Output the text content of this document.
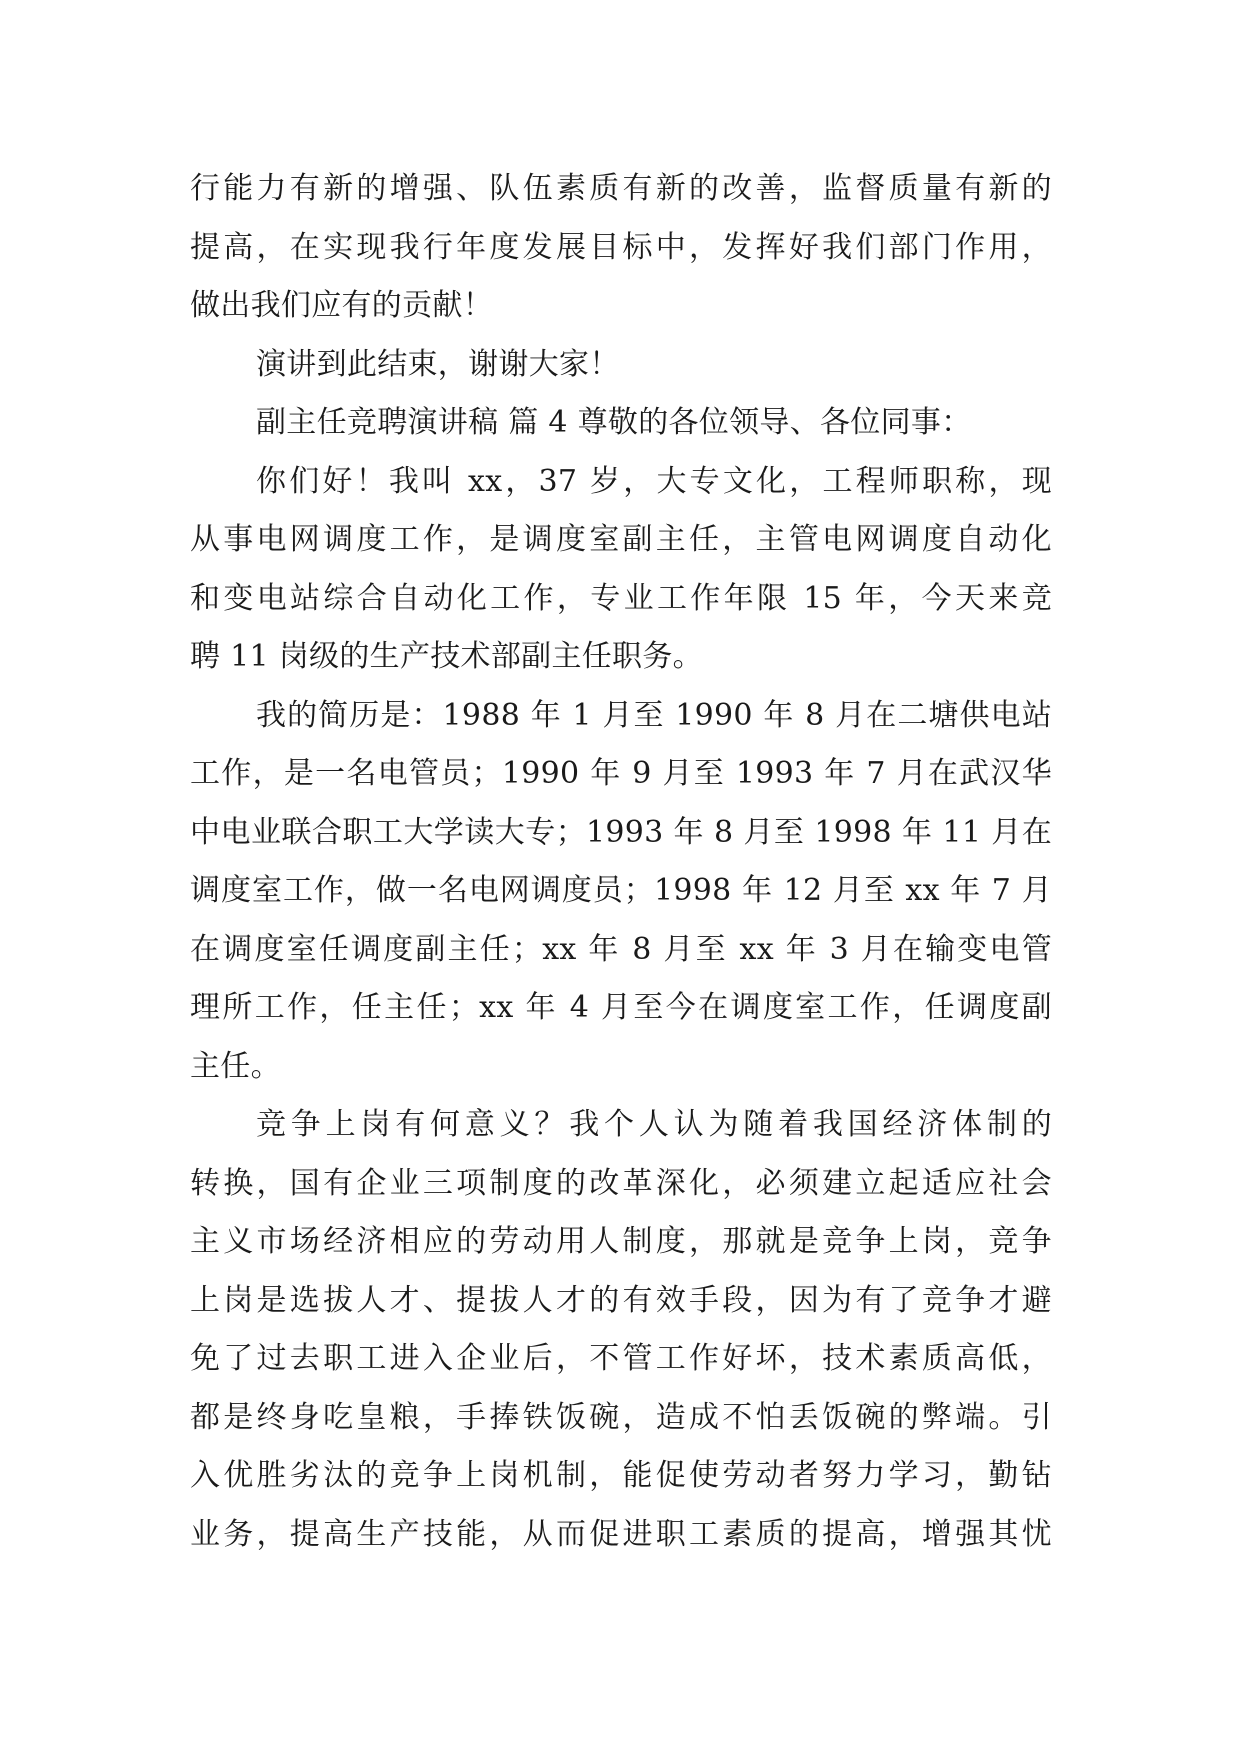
行能力有新的增强、队伍素质有新的改善，监督质量有新的
提高，在实现我行年度发展目标中，发挥好我们部门作用，
做出我们应有的贡献！
演讲到此结束，谢谢大家！
副主任竞聘演讲稿 篇 4 尊敬的各位领导、各位同事：
你们好！我叫 xx，37 岁，大专文化，工程师职称，现
从事电网调度工作，是调度室副主任，主管电网调度自动化
和变电站综合自动化工作，专业工作年限 15 年，今天来竞
聘 11 岗级的生产技术部副主任职务。
我的简历是：1988 年 1 月至 1990 年 8 月在二塘供电站
工作，是一名电管员；1990 年 9 月至 1993 年 7 月在武汉华
中电业联合职工大学读大专；1993 年 8 月至 1998 年 11 月在
调度室工作，做一名电网调度员；1998 年 12 月至 xx 年 7 月
在调度室任调度副主任；xx 年 8 月至 xx 年 3 月在输变电管
理所工作，任主任；xx 年 4 月至今在调度室工作，任调度副
主任。
竞争上岗有何意义？我个人认为随着我国经济体制的
转换，国有企业三项制度的改革深化，必须建立起适应社会
主义市场经济相应的劳动用人制度，那就是竞争上岗，竞争
上岗是选拔人才、提拔人才的有效手段，因为有了竞争才避
免了过去职工进入企业后，不管工作好坏，技术素质高低，
都是终身吃皇粮，手捧铁饭碗，造成不怕丢饭碗的弊端。引
入优胜劣汰的竞争上岗机制，能促使劳动者努力学习，勤钻
业务，提高生产技能，从而促进职工素质的提高，增强其忧
